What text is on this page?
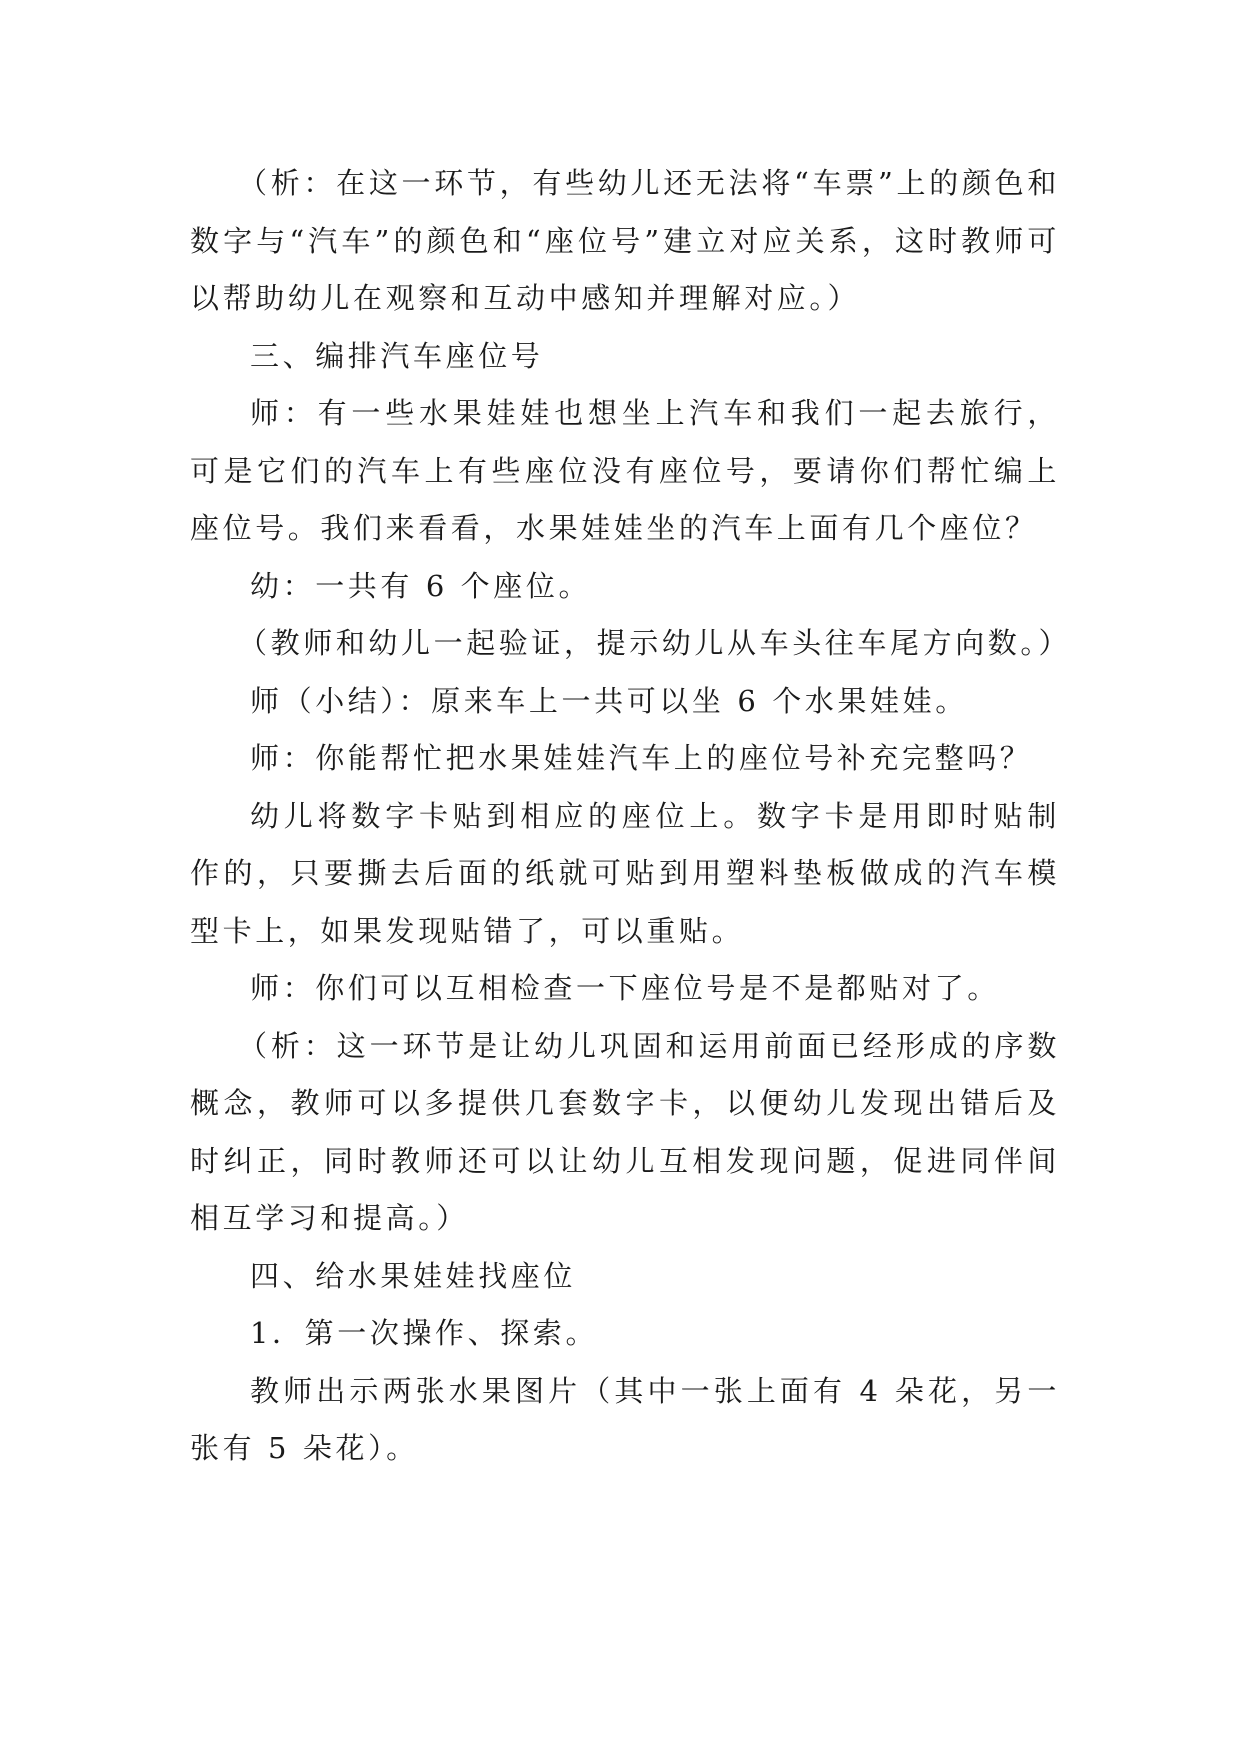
（析：在这一环节，有些幼儿还无法将“车票”上的颜色和数字与“汽车”的颜色和“座位号”建立对应关系，这时教师可以帮助幼儿在观察和互动中感知并理解对应。）

三、编排汽车座位号

师：有一些水果娃娃也想坐上汽车和我们一起去旅行，可是它们的汽车上有些座位没有座位号，要请你们帮忙编上座位号。我们来看看，水果娃娃坐的汽车上面有几个座位？

幼：一共有 6 个座位。

（教师和幼儿一起验证，提示幼儿从车头往车尾方向数。）

师（小结）：原来车上一共可以坐 6 个水果娃娃。

师：你能帮忙把水果娃娃汽车上的座位号补充完整吗？

幼儿将数字卡贴到相应的座位上。数字卡是用即时贴制作的，只要撕去后面的纸就可贴到用塑料垫板做成的汽车模型卡上，如果发现贴错了，可以重贴。

师：你们可以互相检查一下座位号是不是都贴对了。

（析：这一环节是让幼儿巩固和运用前面已经形成的序数概念，教师可以多提供几套数字卡，以便幼儿发现出错后及时纠正，同时教师还可以让幼儿互相发现问题，促进同伴间相互学习和提高。）

四、给水果娃娃找座位

1．第一次操作、探索。

教师出示两张水果图片（其中一张上面有 4 朵花，另一张有 5 朵花）。
